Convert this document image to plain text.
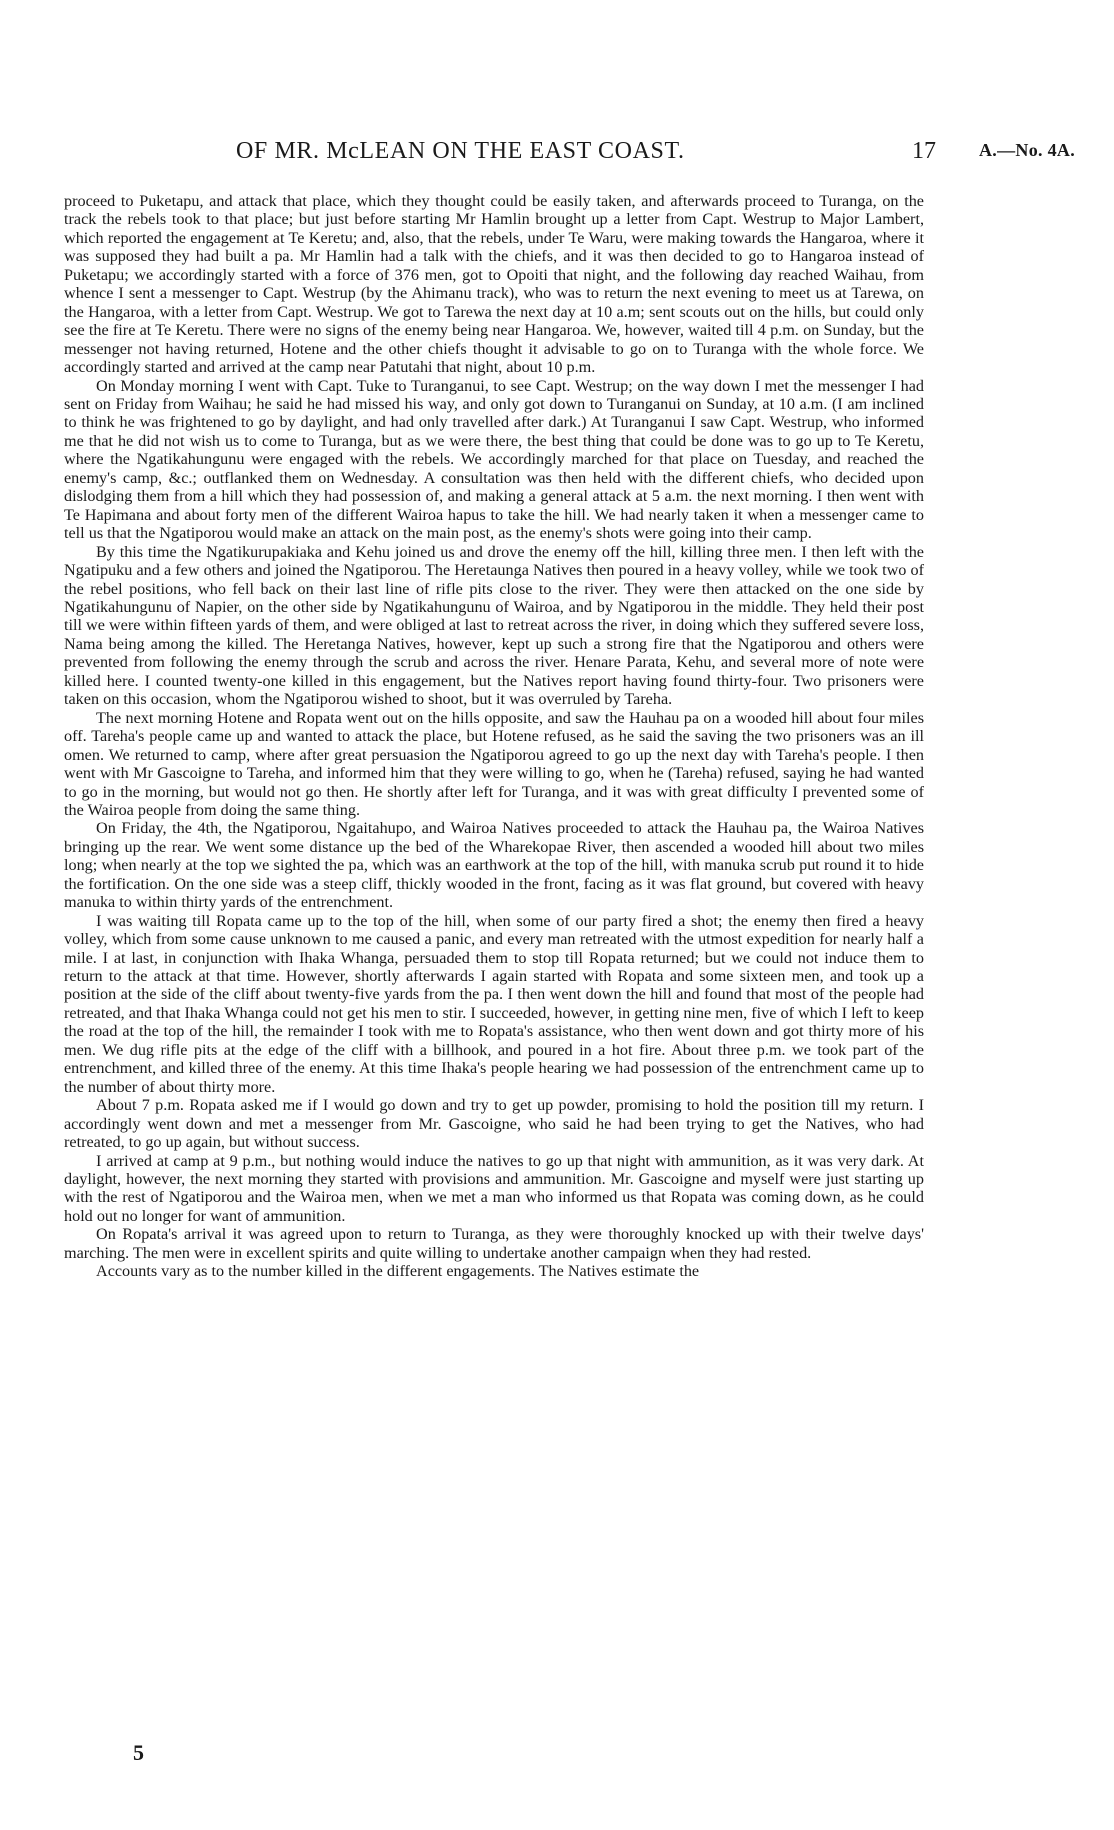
OF MR. McLEAN ON THE EAST COAST.	17 A.—No. 4A.

proceed to Puketapu, and attack that place, which they thought could be easily taken, and afterwards proceed to Turanga, on the track the rebels took to that place; but just before starting Mr Hamlin brought up a letter from Capt. Westrup to Major Lambert, which reported the engagement at Te Keretu; and, also, that the rebels, under Te Waru, were making towards the Hangaroa, where it was supposed they had built a pa. Mr Hamlin had a talk with the chiefs, and it was then decided to go to Hangaroa instead of Puketapu; we accordingly started with a force of 376 men, got to Opoiti that night, and the following day reached Waihau, from whence I sent a messenger to Capt. Westrup (by the Ahimanu track), who was to return the next evening to meet us at Tarewa, on the Hangaroa, with a letter from Capt. Westrup. We got to Tarewa the next day at 10 a.m; sent scouts out on the hills, but could only see the fire at Te Keretu. There were no signs of the enemy being near Hangaroa. We, however, waited till 4 p.m. on Sunday, but the messenger not having returned, Hotene and the other chiefs thought it advisable to go on to Turanga with the whole force. We accordingly started and arrived at the camp near Patutahi that night, about 10 p.m.

On Monday morning I went with Capt. Tuke to Turanganui, to see Capt. Westrup; on the way down I met the messenger I had sent on Friday from Waihau; he said he had missed his way, and only got down to Turanganui on Sunday, at 10 a.m. (I am inclined to think he was frightened to go by daylight, and had only travelled after dark.) At Turanganui I saw Capt. Westrup, who informed me that he did not wish us to come to Turanga, but as we were there, the best thing that could be done was to go up to Te Keretu, where the Ngatikahungunu were engaged with the rebels. We accordingly marched for that place on Tuesday, and reached the enemy's camp, &c.; outflanked them on Wednesday. A consultation was then held with the different chiefs, who decided upon dislodging them from a hill which they had possession of, and making a general attack at 5 a.m. the next morning. I then went with Te Hapimana and about forty men of the different Wairoa hapus to take the hill. We had nearly taken it when a messenger came to tell us that the Ngatiporou would make an attack on the main post, as the enemy's shots were going into their camp.

By this time the Ngatikurupakiaka and Kehu joined us and drove the enemy off the hill, killing three men. I then left with the Ngatipuku and a few others and joined the Ngatiporou. The Heretaunga Natives then poured in a heavy volley, while we took two of the rebel positions, who fell back on their last line of rifle pits close to the river. They were then attacked on the one side by Ngatikahungunu of Napier, on the other side by Ngatikahungunu of Wairoa, and by Ngatiporou in the middle. They held their post till we were within fifteen yards of them, and were obliged at last to retreat across the river, in doing which they suffered severe loss, Nama being among the killed. The Heretanga Natives, however, kept up such a strong fire that the Ngatiporou and others were prevented from following the enemy through the scrub and across the river. Henare Parata, Kehu, and several more of note were killed here. I counted twenty-one killed in this engagement, but the Natives report having found thirty-four. Two prisoners were taken on this occasion, whom the Ngatiporou wished to shoot, but it was overruled by Tareha.

The next morning Hotene and Ropata went out on the hills opposite, and saw the Hauhau pa on a wooded hill about four miles off. Tareha's people came up and wanted to attack the place, but Hotene refused, as he said the saving the two prisoners was an ill omen. We returned to camp, where after great persuasion the Ngatiporou agreed to go up the next day with Tareha's people. I then went with Mr Gascoigne to Tareha, and informed him that they were willing to go, when he (Tareha) refused, saying he had wanted to go in the morning, but would not go then. He shortly after left for Turanga, and it was with great difficulty I prevented some of the Wairoa people from doing the same thing.

On Friday, the 4th, the Ngatiporou, Ngaitahupo, and Wairoa Natives proceeded to attack the Hauhau pa, the Wairoa Natives bringing up the rear. We went some distance up the bed of the Wharekopae River, then ascended a wooded hill about two miles long; when nearly at the top we sighted the pa, which was an earthwork at the top of the hill, with manuka scrub put round it to hide the fortification. On the one side was a steep cliff, thickly wooded in the front, facing as it was flat ground, but covered with heavy manuka to within thirty yards of the entrenchment.

I was waiting till Ropata came up to the top of the hill, when some of our party fired a shot; the enemy then fired a heavy volley, which from some cause unknown to me caused a panic, and every man retreated with the utmost expedition for nearly half a mile. I at last, in conjunction with Ihaka Whanga, persuaded them to stop till Ropata returned; but we could not induce them to return to the attack at that time. However, shortly afterwards I again started with Ropata and some sixteen men, and took up a position at the side of the cliff about twenty-five yards from the pa. I then went down the hill and found that most of the people had retreated, and that Ihaka Whanga could not get his men to stir. I succeeded, however, in getting nine men, five of which I left to keep the road at the top of the hill, the remainder I took with me to Ropata's assistance, who then went down and got thirty more of his men. We dug rifle pits at the edge of the cliff with a billhook, and poured in a hot fire. About three p.m. we took part of the entrenchment, and killed three of the enemy. At this time Ihaka's people hearing we had possession of the entrenchment came up to the number of about thirty more.

About 7 p.m. Ropata asked me if I would go down and try to get up powder, promising to hold the position till my return. I accordingly went down and met a messenger from Mr. Gascoigne, who said he had been trying to get the Natives, who had retreated, to go up again, but without success.

I arrived at camp at 9 p.m., but nothing would induce the natives to go up that night with ammunition, as it was very dark. At daylight, however, the next morning they started with provisions and ammunition. Mr. Gascoigne and myself were just starting up with the rest of Ngatiporou and the Wairoa men, when we met a man who informed us that Ropata was coming down, as he could hold out no longer for want of ammunition.

On Ropata's arrival it was agreed upon to return to Turanga, as they were thoroughly knocked up with their twelve days' marching. The men were in excellent spirits and quite willing to undertake another campaign when they had rested.

Accounts vary as to the number killed in the different engagements. The Natives estimate the

5
